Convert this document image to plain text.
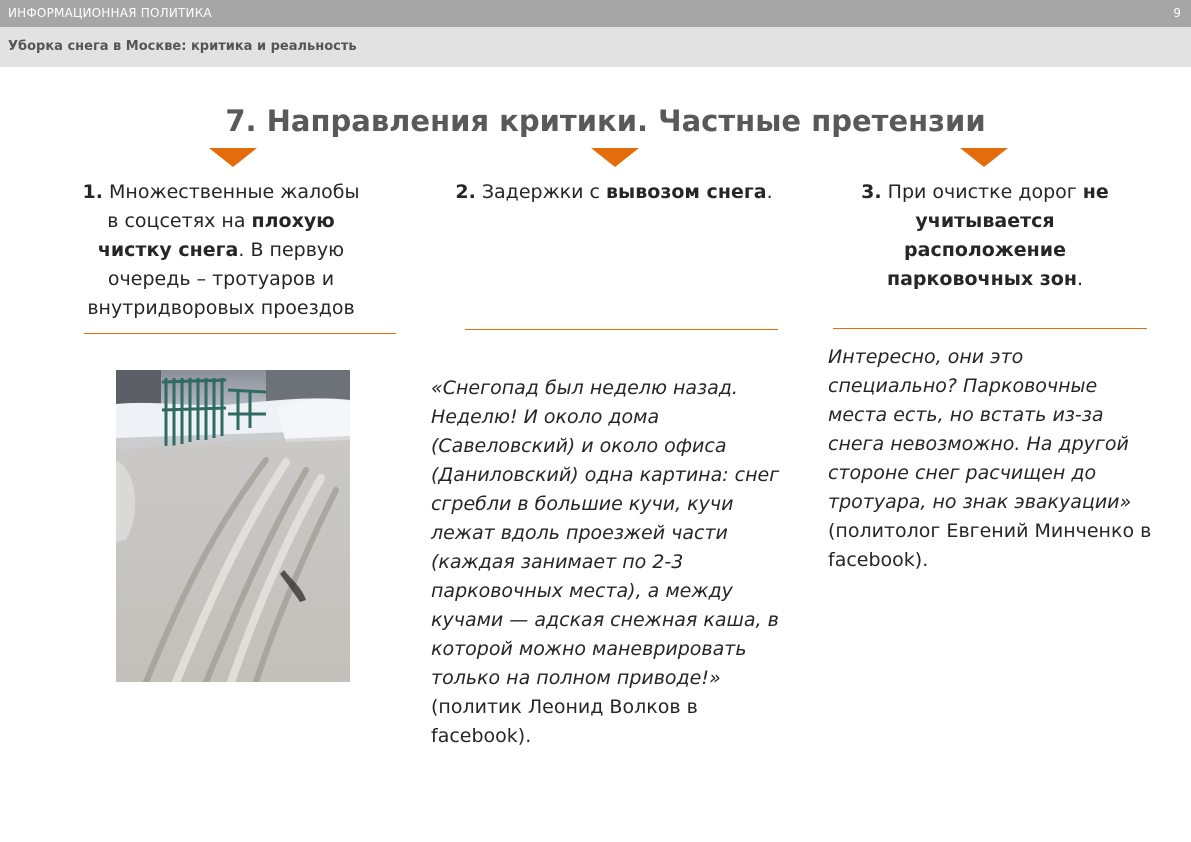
ИНФОРМАЦИОННАЯ ПОЛИТИКА	9
Уборка снега в Москве: критика и реальность
7. Направления критики. Частные претензии
1. Множественные жалобы в соцсетях на плохую чистку снега. В первую очередь – тротуаров и внутридворовых проездов
2. Задержки с вывозом снега.	3. При очистке дорог не учитывается расположение парковочных зон.
«Снегопад был неделю назад. Неделю! И около дома (Савеловский) и около офиса (Даниловский) одна картина: снег сгребли в большие кучи, кучи лежат вдоль проезжей части (каждая занимает по 2-3 парковочных места), а между кучами — адская снежная каша, в которой можно маневрировать только на полном приводе!» (политик Леонид Волков в facebook).
Интересно, они это специально? Парковочные места есть, но встать из-за снега невозможно. На другой стороне снег расчищен до тротуара, но знак эвакуации» (политолог Евгений Минченко в facebook).
